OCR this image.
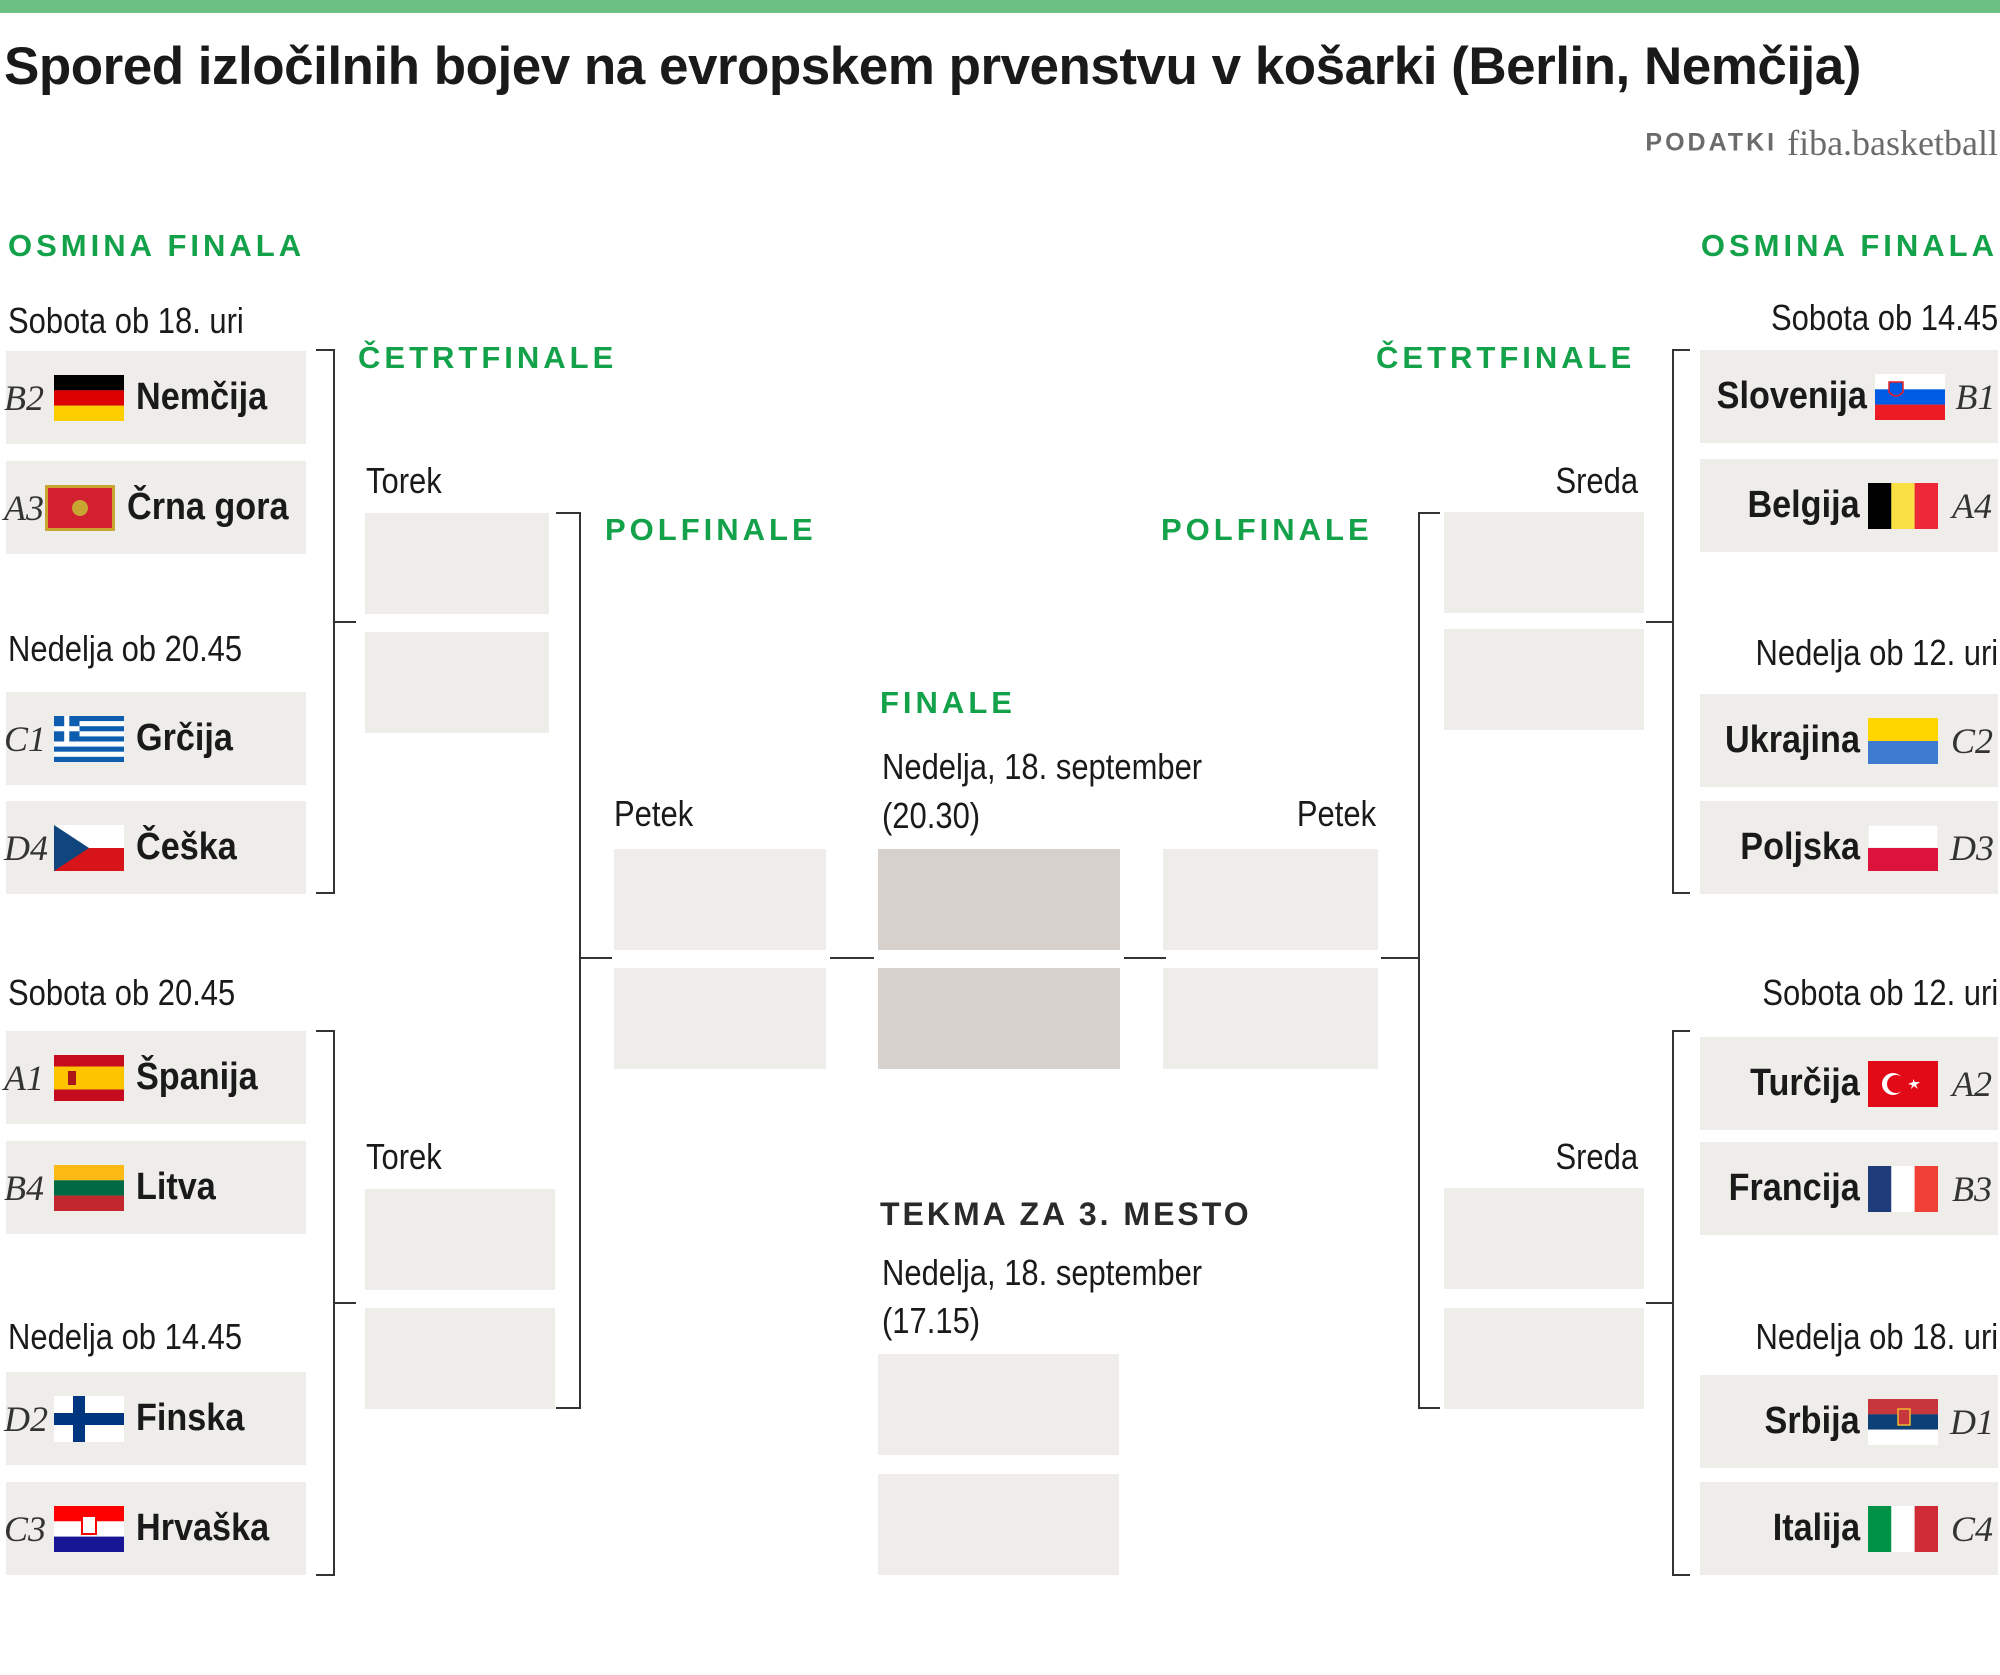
Spored izločilnih bojev na evropskem prvenstvu v košarki (Berlin, Nemčija)
PODATKI fiba.basketball
OSMINA FINALA	OSMINA FINALA
ČETRTFINALE	ČETRTFINALE
POLFINALE	POLFINALE
FINALE
TEKMA ZA 3. MESTO
Sobota ob 18. uri
Nedelja ob 20.45
Sobota ob 20.45
Nedelja ob 14.45
Sobota ob 14.45
Nedelja ob 12. uri
Sobota ob 12. uri
Nedelja ob 18. uri
B2 Nemčija
A3 Črna gora
C1 Grčija
D4 Češka
A1 Španija
B4 Litva
D2 Finska
C3 Hrvaška
Slovenija B1
Belgija	A4
Ukrajina	C2
Poljska	D3
Turčija	A2
Francija	B3
Srbija	D1
Italija	C4
Torek
Torek
Sreda
Sreda
Petek	Petek
Nedelja, 18. september
(20.30)
Nedelja, 18. september
(17.15)
